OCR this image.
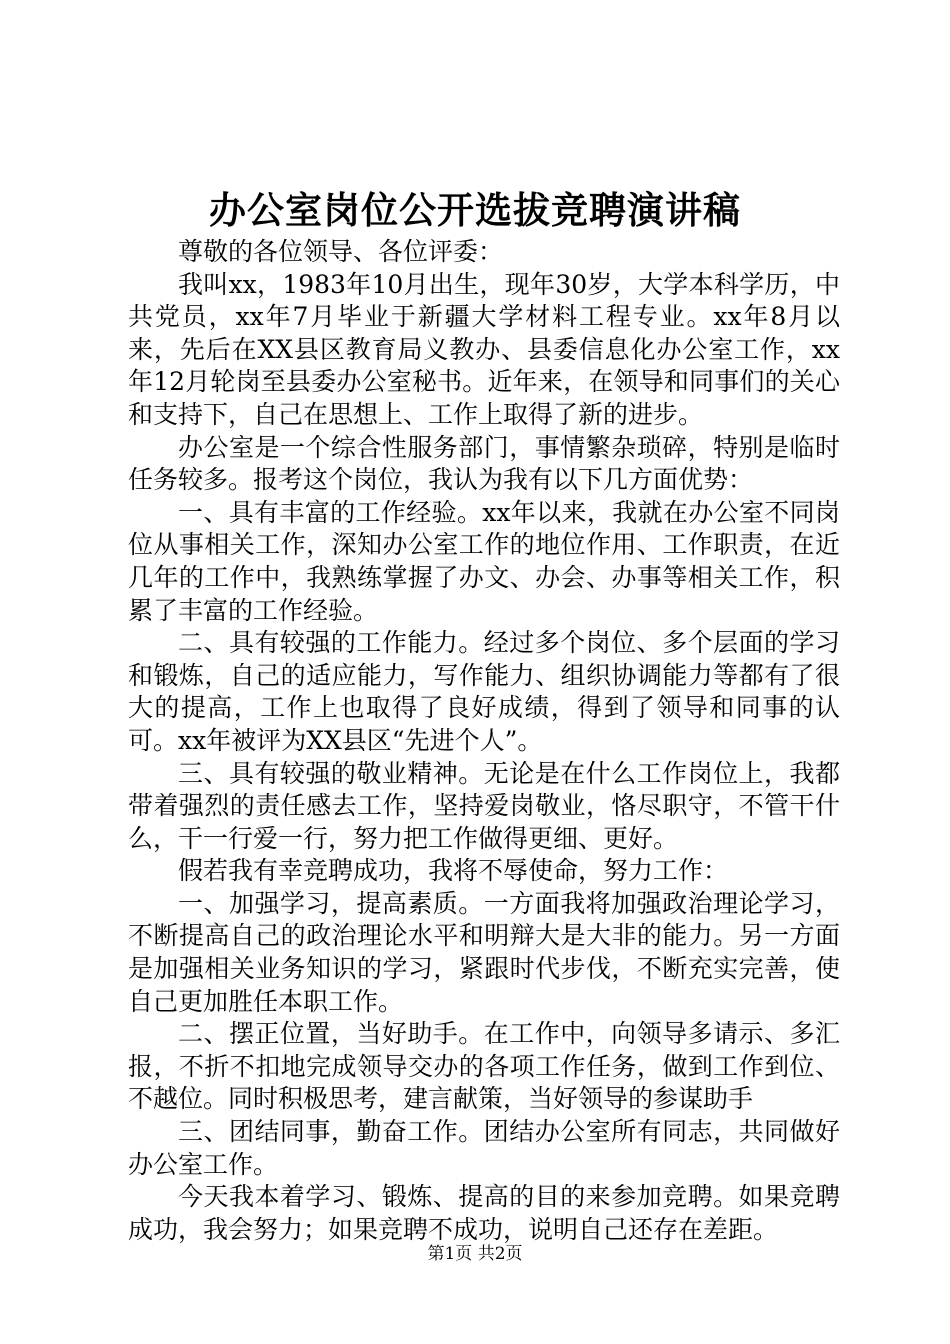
办公室岗位公开选拔竞聘演讲稿

尊敬的各位领导、各位评委：

我叫xx，1983年10月出生，现年30岁，大学本科学历，中共党员，xx年7月毕业于新疆大学材料工程专业。xx年8月以来，先后在XX县区教育局义教办、县委信息化办公室工作，xx年12月轮岗至县委办公室秘书。近年来，在领导和同事们的关心和支持下，自己在思想上、工作上取得了新的进步。

办公室是一个综合性服务部门，事情繁杂琐碎，特别是临时任务较多。报考这个岗位，我认为我有以下几方面优势：

一、具有丰富的工作经验。xx年以来，我就在办公室不同岗位从事相关工作，深知办公室工作的地位作用、工作职责，在近几年的工作中，我熟练掌握了办文、办会、办事等相关工作，积累了丰富的工作经验。

二、具有较强的工作能力。经过多个岗位、多个层面的学习和锻炼，自己的适应能力，写作能力、组织协调能力等都有了很大的提高，工作上也取得了良好成绩，得到了领导和同事的认可。xx年被评为XX县区“先进个人”。

三、具有较强的敬业精神。无论是在什么工作岗位上，我都带着强烈的责任感去工作，坚持爱岗敬业，恪尽职守，不管干什么，干一行爱一行，努力把工作做得更细、更好。

假若我有幸竞聘成功，我将不辱使命，努力工作：

一、加强学习，提高素质。一方面我将加强政治理论学习，不断提高自己的政治理论水平和明辩大是大非的能力。另一方面是加强相关业务知识的学习，紧跟时代步伐，不断充实完善，使自己更加胜任本职工作。

二、摆正位置，当好助手。在工作中，向领导多请示、多汇报，不折不扣地完成领导交办的各项工作任务，做到工作到位、不越位。同时积极思考，建言献策，当好领导的参谋助手

三、团结同事，勤奋工作。团结办公室所有同志，共同做好办公室工作。

今天我本着学习、锻炼、提高的目的来参加竞聘。如果竞聘成功，我会努力；如果竞聘不成功，说明自己还存在差距。

第1页 共2页
